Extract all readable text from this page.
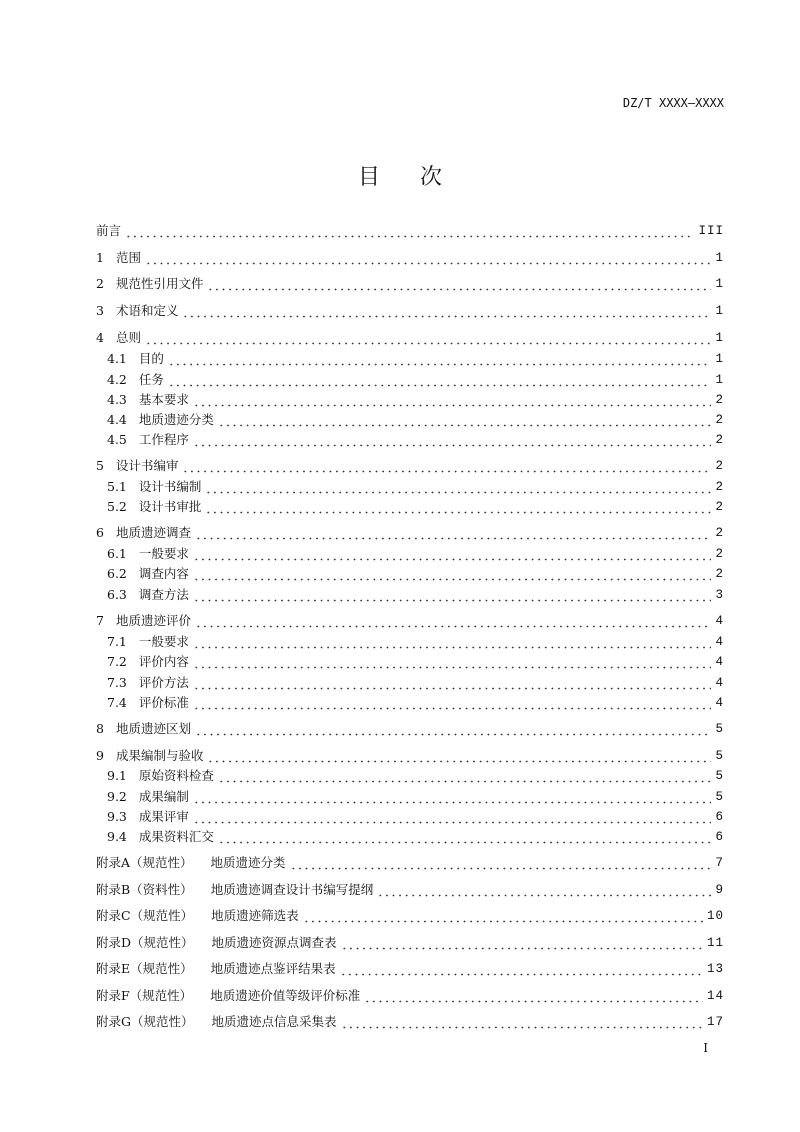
DZ/T XXXX—XXXX
目次
前言	III
1 范围	1
2 规范性引用文件	1
3 术语和定义	1
4 总则	1
4.1 目的	1
4.2 任务	1
4.3 基本要求	2
4.4 地质遗迹分类	2
4.5 工作程序	2
5 设计书编审	2
5.1 设计书编制	2
5.2 设计书审批	2
6 地质遗迹调查	2
6.1 一般要求	2
6.2 调查内容	2
6.3 调查方法	3
7 地质遗迹评价	4
7.1 一般要求	4
7.2 评价内容	4
7.3 评价方法	4
7.4 评价标准	4
8 地质遗迹区划	5
9 成果编制与验收	5
9.1 原始资料检查	5
9.2 成果编制	5
9.3 成果评审	6
9.4 成果资料汇交	6
附录A（规范性） 地质遗迹分类	7
附录B（资料性） 地质遗迹调查设计书编写提纲	9
附录C（规范性） 地质遗迹筛选表	10
附录D（规范性） 地质遗迹资源点调查表	11
附录E（规范性） 地质遗迹点鉴评结果表	13
附录F（规范性） 地质遗迹价值等级评价标准	14
附录G（规范性） 地质遗迹点信息采集表	17
I
